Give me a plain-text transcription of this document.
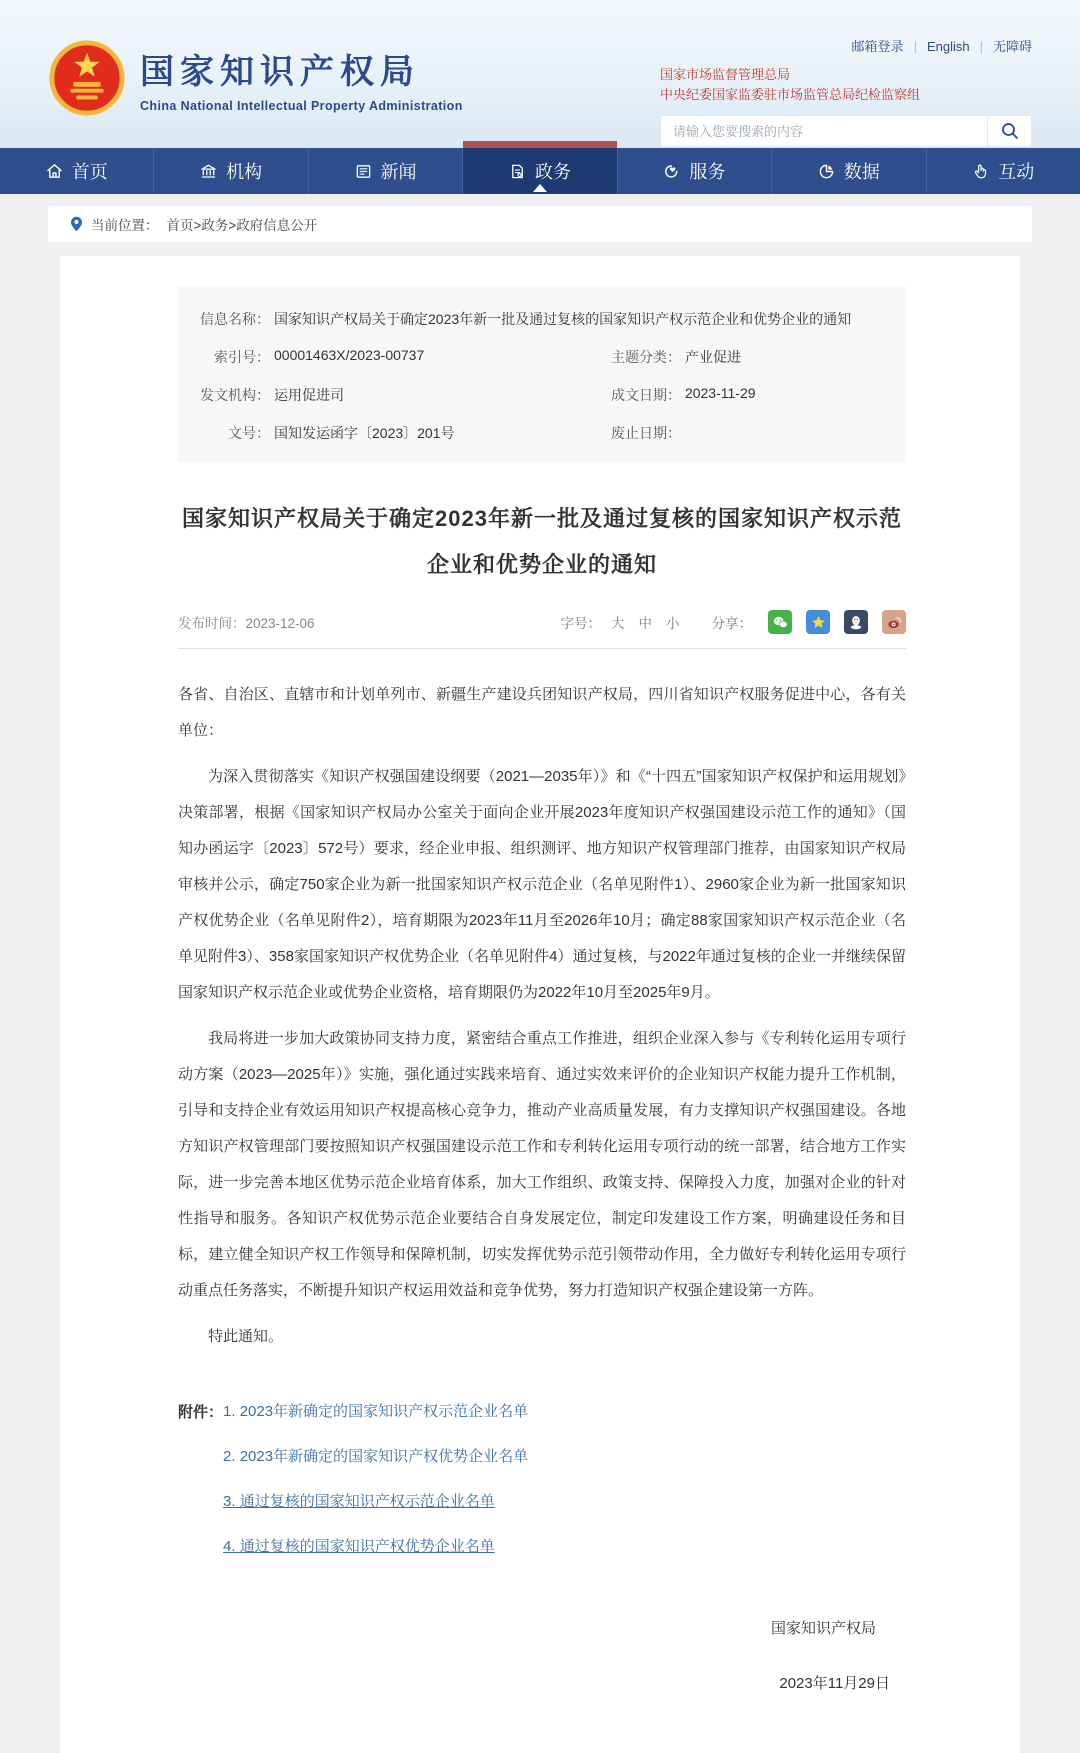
国家知识产权局
China National Intellectual Property Administration
邮箱登录 | English | 无障碍
国家市场监督管理总局
中央纪委国家监委驻市场监管总局纪检监察组
请输入您要搜索的内容
首页	机构	新闻	政务	服务	数据	互动
当前位置： 首页>政务>政府信息公开
信息名称： 国家知识产权局关于确定2023年新一批及通过复核的国家知识产权示范企业和优势企业的通知
索引号： 00001463X/2023-00737	主题分类： 产业促进
发文机构： 运用促进司	成文日期： 2023-11-29
文号： 国知发运函字〔2023〕201号	废止日期：
国家知识产权局关于确定2023年新一批及通过复核的国家知识产权示范企业和优势企业的通知
发布时间：2023-12-06	字号： 大 中 小 分享：

各省、自治区、直辖市和计划单列市、新疆生产建设兵团知识产权局，四川省知识产权服务促进中心，各有关单位：

为深入贯彻落实《知识产权强国建设纲要（2021—2035年）》和《“十四五”国家知识产权保护和运用规划》决策部署，根据《国家知识产权局办公室关于面向企业开展2023年度知识产权强国建设示范工作的通知》（国知办函运字〔2023〕572号）要求，经企业申报、组织测评、地方知识产权管理部门推荐，由国家知识产权局审核并公示，确定750家企业为新一批国家知识产权示范企业（名单见附件1）、2960家企业为新一批国家知识产权优势企业（名单见附件2），培育期限为2023年11月至2026年10月；确定88家国家知识产权示范企业（名单见附件3）、358家国家知识产权优势企业（名单见附件4）通过复核，与2022年通过复核的企业一并继续保留国家知识产权示范企业或优势企业资格，培育期限仍为2022年10月至2025年9月。

我局将进一步加大政策协同支持力度，紧密结合重点工作推进，组织企业深入参与《专利转化运用专项行动方案（2023—2025年）》实施，强化通过实践来培育、通过实效来评价的企业知识产权能力提升工作机制，引导和支持企业有效运用知识产权提高核心竞争力，推动产业高质量发展，有力支撑知识产权强国建设。各地方知识产权管理部门要按照知识产权强国建设示范工作和专利转化运用专项行动的统一部署，结合地方工作实际，进一步完善本地区优势示范企业培育体系，加大工作组织、政策支持、保障投入力度，加强对企业的针对性指导和服务。各知识产权优势示范企业要结合自身发展定位，制定印发建设工作方案，明确建设任务和目标，建立健全知识产权工作领导和保障机制，切实发挥优势示范引领带动作用，全力做好专利转化运用专项行动重点任务落实，不断提升知识产权运用效益和竞争优势，努力打造知识产权强企建设第一方阵。

特此通知。

附件： 1. 2023年新确定的国家知识产权示范企业名单
2. 2023年新确定的国家知识产权优势企业名单
3. 通过复核的国家知识产权示范企业名单
4. 通过复核的国家知识产权优势企业名单
国家知识产权局
2023年11月29日
